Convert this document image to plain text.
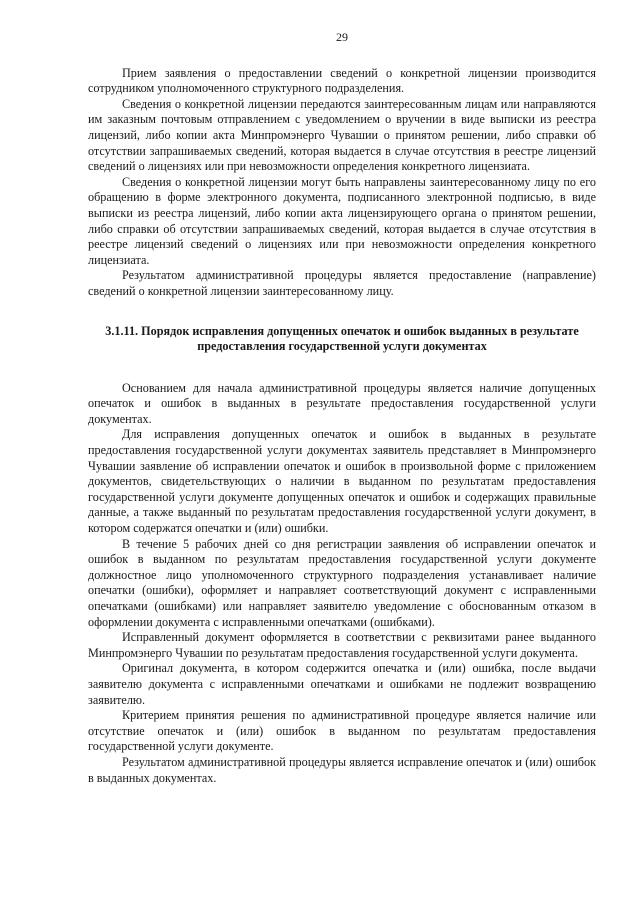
29

Прием заявления о предоставлении сведений о конкретной лицензии производится сотрудником уполномоченного структурного подразделения.

Сведения о конкретной лицензии передаются заинтересованным лицам или направляются им заказным почтовым отправлением с уведомлением о вручении в виде выписки из реестра лицензий, либо копии акта Минпромэнерго Чувашии о принятом решении, либо справки об отсутствии запрашиваемых сведений, которая выдается в случае отсутствия в реестре лицензий сведений о лицензиях или при невозможности определения конкретного лицензиата.

Сведения о конкретной лицензии могут быть направлены заинтересованному лицу по его обращению в форме электронного документа, подписанного электронной подписью, в виде выписки из реестра лицензий, либо копии акта лицензирующего органа о принятом решении, либо справки об отсутствии запрашиваемых сведений, которая выдается в случае отсутствия в реестре лицензий сведений о лицензиях или при невозможности определения конкретного лицензиата.

Результатом административной процедуры является предоставление (направление) сведений о конкретной лицензии заинтересованному лицу.

3.1.11. Порядок исправления допущенных опечаток и ошибок выданных в результате
предоставления государственной услуги документах

Основанием для начала административной процедуры является наличие допущенных опечаток и ошибок в выданных в результате предоставления государственной услуги документах.

Для исправления допущенных опечаток и ошибок в выданных в результате предоставления государственной услуги документах заявитель представляет в Минпромэнерго Чувашии заявление об исправлении опечаток и ошибок в произвольной форме с приложением документов, свидетельствующих о наличии в выданном по результатам предоставления государственной услуги документе допущенных опечаток и ошибок и содержащих правильные данные, а также выданный по результатам предоставления государственной услуги документ, в котором содержатся опечатки и (или) ошибки.

В течение 5 рабочих дней со дня регистрации заявления об исправлении опечаток и ошибок в выданном по результатам предоставления государственной услуги документе должностное лицо уполномоченного структурного подразделения устанавливает наличие опечатки (ошибки), оформляет и направляет соответствующий документ с исправленными опечатками (ошибками) или направляет заявителю уведомление с обоснованным отказом в оформлении документа с исправленными опечатками (ошибками).

Исправленный документ оформляется в соответствии с реквизитами ранее выданного Минпромэнерго Чувашии по результатам предоставления государственной услуги документа.

Оригинал документа, в котором содержится опечатка и (или) ошибка, после выдачи заявителю документа с исправленными опечатками и ошибками не подлежит возвращению заявителю.

Критерием принятия решения по административной процедуре является наличие или отсутствие опечаток и (или) ошибок в выданном по результатам предоставления государственной услуги документе.

Результатом административной процедуры является исправление опечаток и (или) ошибок в выданных документах.
